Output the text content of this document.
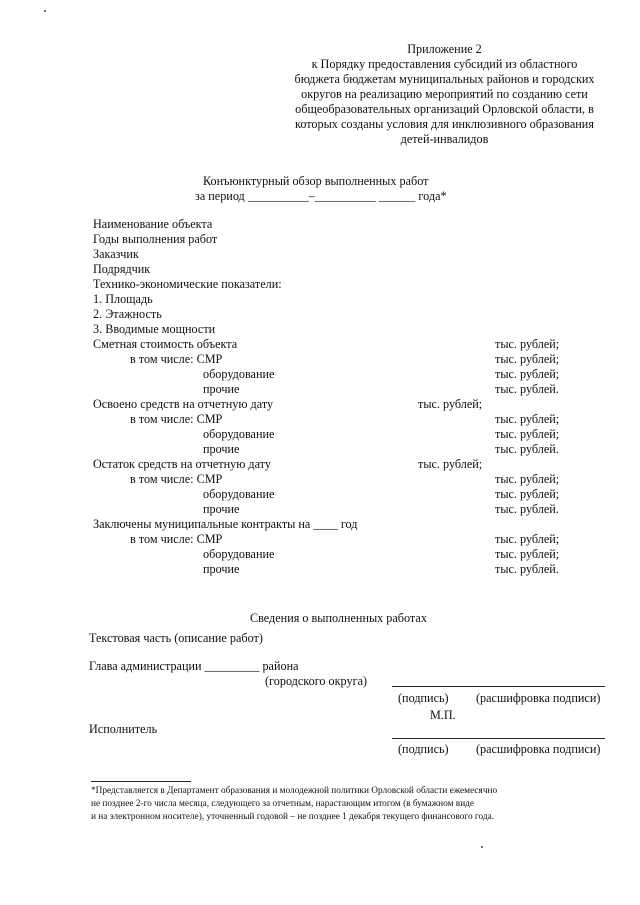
Приложение 2
к Порядку предоставления субсидий из областного
бюджета бюджетам муниципальных районов и городских
округов на реализацию мероприятий по созданию сети
общеобразовательных организаций Орловской области, в
которых созданы условия для инклюзивного образования
детей-инвалидов
Конъюнктурный обзор выполненных работ
за период __________–__________ ______ года*
Наименование объекта
Годы выполнения работ
Заказчик
Подрядчик
Технико-экономические показатели:
1. Площадь
2. Этажность
3. Вводимые мощности
Сметная стоимость объекта	тыс. рублей;
в том числе: СМР	тыс. рублей;
оборудование	тыс. рублей;
прочие	тыс. рублей.
Освоено средств на отчетную дату	тыс. рублей;
в том числе: СМР	тыс. рублей;
оборудование	тыс. рублей;
прочие	тыс. рублей.
Остаток средств на отчетную дату	тыс. рублей;
в том числе: СМР	тыс. рублей;
оборудование	тыс. рублей;
прочие	тыс. рублей.
Заключены муниципальные контракты на ____ год
в том числе: СМР	тыс. рублей;
оборудование	тыс. рублей;
прочие	тыс. рублей.
Сведения о выполненных работах
Текстовая часть (описание работ)
Глава администрации _________ района
(городского округа)
(подпись) (расшифровка подписи)
М.П.
Исполнитель
(подпись) (расшифровка подписи)
*Представляется в Департамент образования и молодежной политики Орловской области ежемесячно
не позднее 2-го числа месяца, следующего за отчетным, нарастающим итогом (в бумажном виде
и на электронном носителе), уточненный годовой – не позднее 1 декабря текущего финансового года.
